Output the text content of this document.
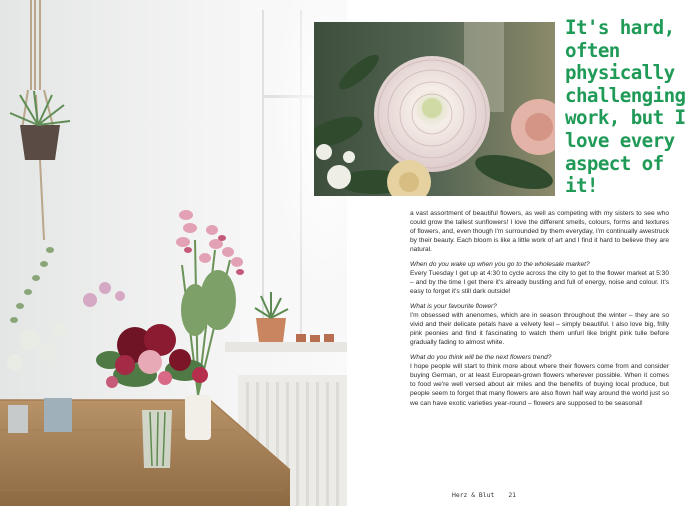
It's hard, often physically challenging work, but I love every aspect of it!

a vast assortment of beautiful flowers, as well as competing with my sisters to see who could grow the tallest sunflowers! I love the different smells, colours, forms and textures of flowers, and, even though I'm surrounded by them everyday, I'm continually awestruck by their beauty. Each bloom is like a little work of art and I find it hard to believe they are natural.

When do you wake up when you go to the wholesale market?
Every Tuesday I get up at 4:30 to cycle across the city to get to the flower market at 5:30 – and by the time I get there it's already bustling and full of energy, noise and colour. It's easy to forget it's still dark outside!

What is your favourite flower?
I'm obsessed with anenomes, which are in season throughout the winter – they are so vivid and their delicate petals have a velvety feel – simply beautiful. I also love big, frilly pink peonies and find it fascinating to watch them unfurl like bright pink tulle before gradually fading to almost white.

What do you think will be the next flowers trend?
I hope people will start to think more about where their flowers come from and consider buying German, or at least European-grown flowers wherever possible. When it comes to food we're well versed about air miles and the benefits of buying local produce, but people seem to forget that many flowers are also flown half way around the world just so we can have exotic varieties year-round – flowers are supposed to be seasonal!

Herz & Blut 21
